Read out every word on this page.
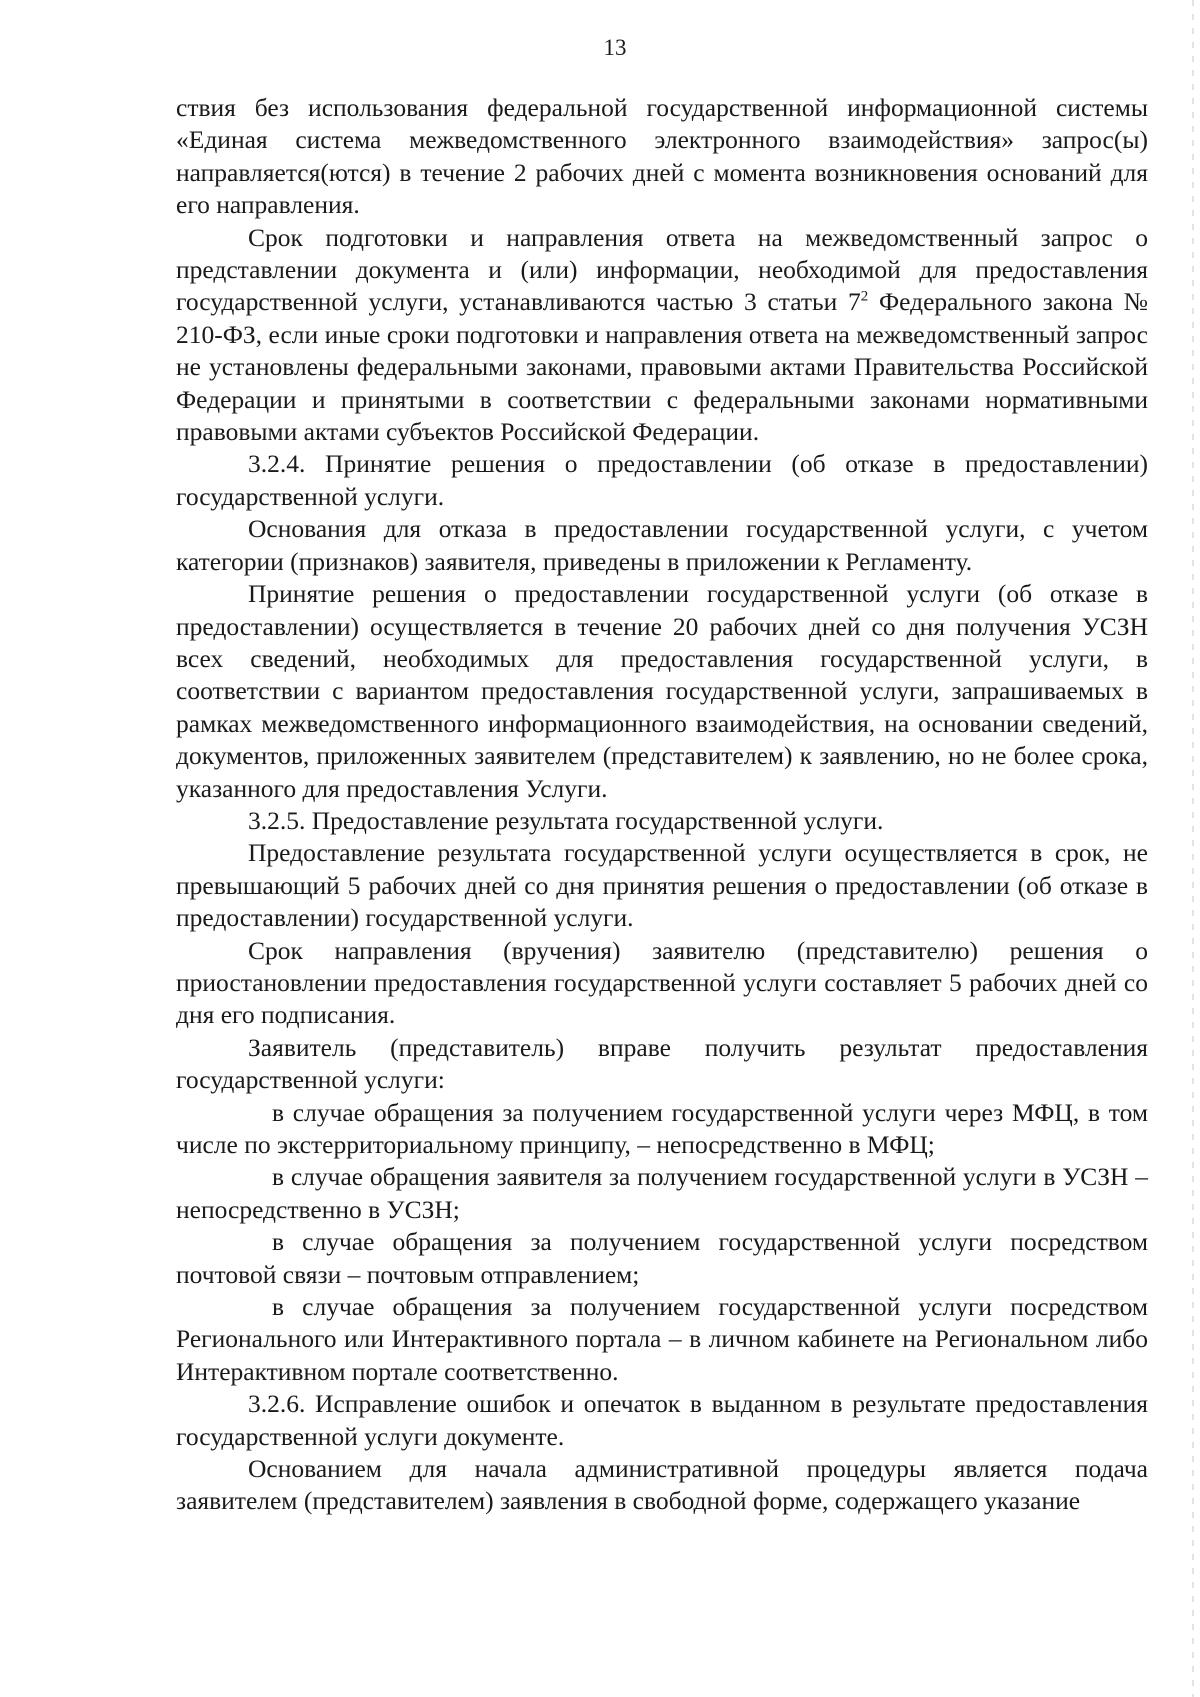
13

ствия без использования федеральной государственной информационной системы «Единая система межведомственного электронного взаимодействия» запрос(ы) направляется(ются) в течение 2 рабочих дней с момента возникновения оснований для его направления.

Срок подготовки и направления ответа на межведомственный запрос о представлении документа и (или) информации, необходимой для предоставления государственной услуги, устанавливаются частью 3 статьи $7^2$ Федерального закона № 210-ФЗ, если иные сроки подготовки и направления ответа на межведомственный запрос не установлены федеральными законами, правовыми актами Правительства Российской Федерации и принятыми в соответствии с федеральными законами нормативными правовыми актами субъектов Российской Федерации.

3.2.4. Принятие решения о предоставлении (об отказе в предоставлении) государственной услуги.

Основания для отказа в предоставлении государственной услуги, с учетом категории (признаков) заявителя, приведены в приложении к Регламенту.

Принятие решения о предоставлении государственной услуги (об отказе в предоставлении) осуществляется в течение 20 рабочих дней со дня получения УСЗН всех сведений, необходимых для предоставления государственной услуги, в соответствии с вариантом предоставления государственной услуги, запрашиваемых в рамках межведомственного информационного взаимодействия, на основании сведений, документов, приложенных заявителем (представителем) к заявлению, но не более срока, указанного для предоставления Услуги.

3.2.5. Предоставление результата государственной услуги.

Предоставление результата государственной услуги осуществляется в срок, не превышающий 5 рабочих дней со дня принятия решения о предоставлении (об отказе в предоставлении) государственной услуги.

Срок направления (вручения) заявителю (представителю) решения о приостановлении предоставления государственной услуги составляет 5 рабочих дней со дня его подписания.

Заявитель (представитель) вправе получить результат предоставления государственной услуги:

в случае обращения за получением государственной услуги через МФЦ, в том числе по экстерриториальному принципу, – непосредственно в МФЦ;

в случае обращения заявителя за получением государственной услуги в УСЗН – непосредственно в УСЗН;

в случае обращения за получением государственной услуги посредством почтовой связи – почтовым отправлением;

в случае обращения за получением государственной услуги посредством Регионального или Интерактивного портала – в личном кабинете на Региональном либо Интерактивном портале соответственно.

3.2.6. Исправление ошибок и опечаток в выданном в результате предоставления государственной услуги документе.

Основанием для начала административной процедуры является подача заявителем (представителем) заявления в свободной форме, содержащего указание
